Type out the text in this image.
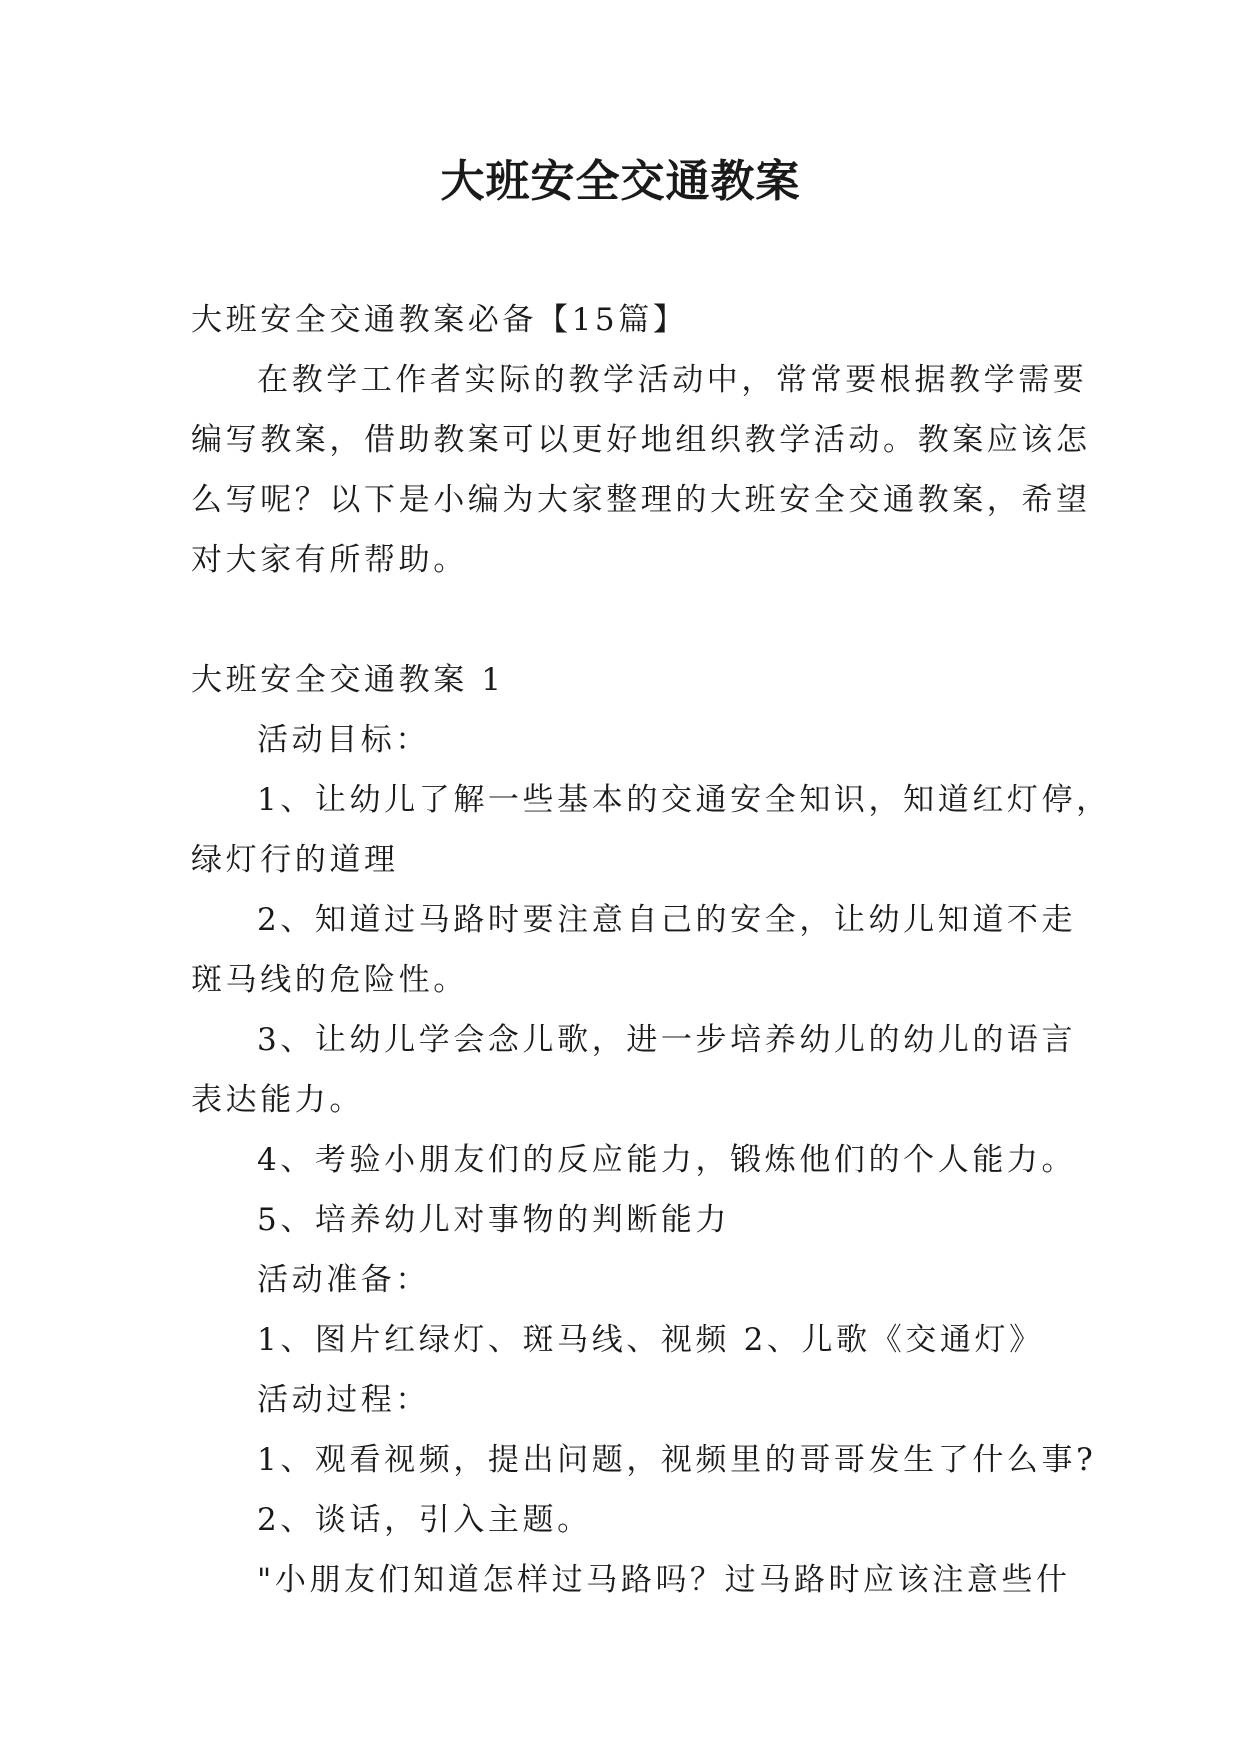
大班安全交通教案
大班安全交通教案必备【15篇】
在教学工作者实际的教学活动中，常常要根据教学需要
编写教案，借助教案可以更好地组织教学活动。教案应该怎
么写呢？以下是小编为大家整理的大班安全交通教案，希望
对大家有所帮助。
大班安全交通教案 1
活动目标：
1、让幼儿了解一些基本的交通安全知识，知道红灯停，
绿灯行的道理
2、知道过马路时要注意自己的安全，让幼儿知道不走
斑马线的危险性。
3、让幼儿学会念儿歌，进一步培养幼儿的幼儿的语言
表达能力。
4、考验小朋友们的反应能力，锻炼他们的个人能力。
5、培养幼儿对事物的判断能力
活动准备：
1、图片红绿灯、斑马线、视频 2、儿歌《交通灯》
活动过程：
1、观看视频，提出问题，视频里的哥哥发生了什么事?
2、谈话，引入主题。
"小朋友们知道怎样过马路吗？过马路时应该注意些什
